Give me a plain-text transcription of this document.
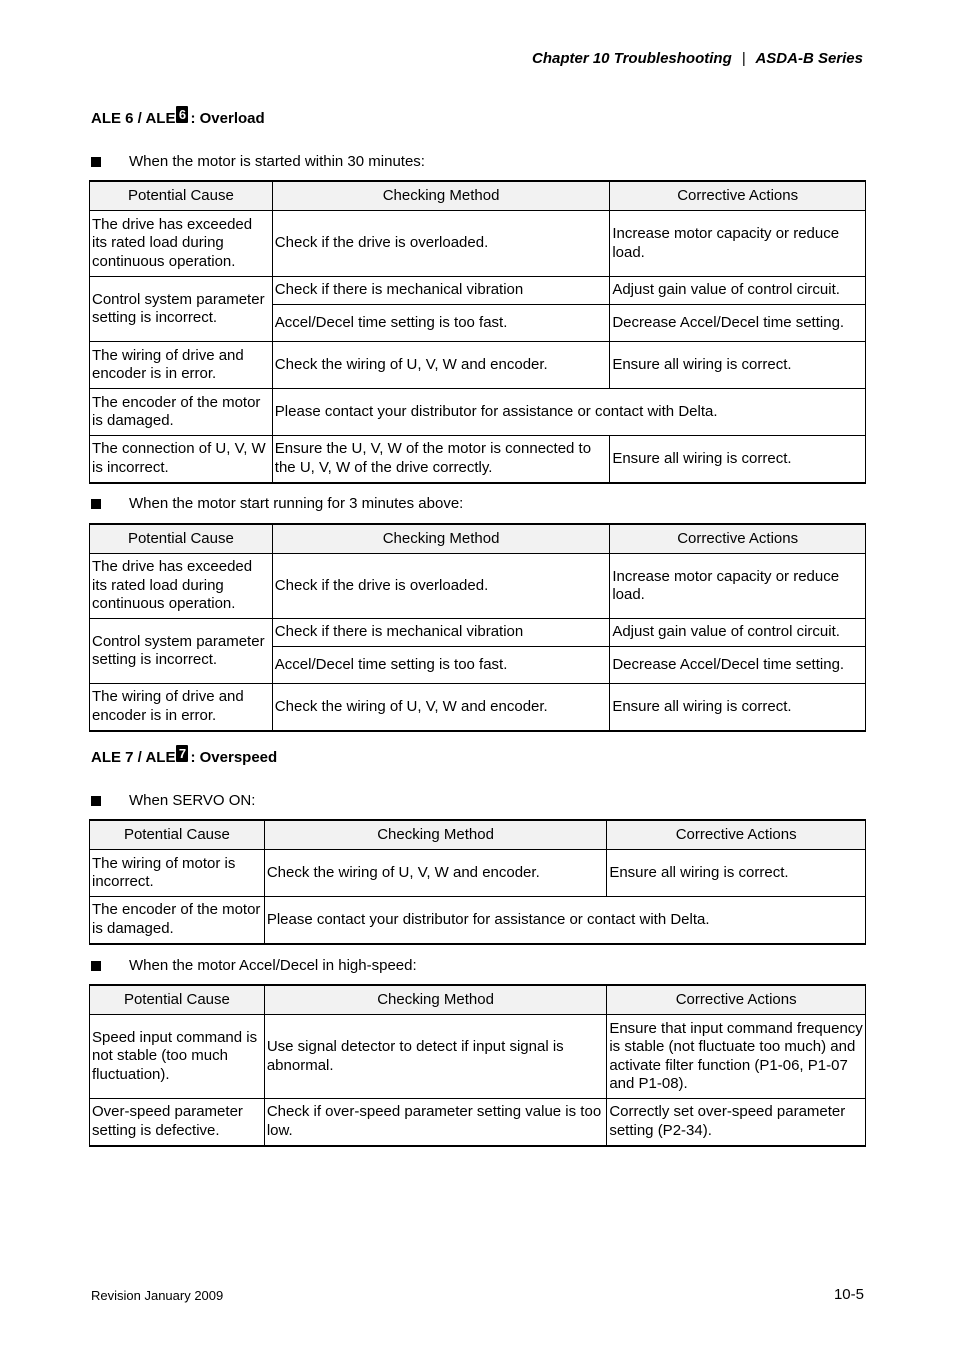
Chapter 10 Troubleshooting | ASDA-B Series
ALE 6 / ALE 6 : Overload
When the motor is started within 30 minutes:
Potential Cause	Checking Method	Corrective Actions
The drive has exceeded its rated load during continuous operation.	Check if the drive is overloaded.	Increase motor capacity or reduce load.
Control system parameter setting is incorrect.	Check if there is mechanical vibration	Adjust gain value of control circuit.
	Accel/Decel time setting is too fast.	Decrease Accel/Decel time setting.
The wiring of drive and encoder is in error.	Check the wiring of U, V, W and encoder.	Ensure all wiring is correct.
The encoder of the motor is damaged.	Please contact your distributor for assistance or contact with Delta.	
The connection of U, V, W is incorrect.	Ensure the U, V, W of the motor is connected to the U, V, W of the drive correctly.	Ensure all wiring is correct.
When the motor start running for 3 minutes above:
Potential Cause	Checking Method	Corrective Actions
The drive has exceeded its rated load during continuous operation.	Check if the drive is overloaded.	Increase motor capacity or reduce load.
Control system parameter setting is incorrect.	Check if there is mechanical vibration	Adjust gain value of control circuit.
	Accel/Decel time setting is too fast.	Decrease Accel/Decel time setting.
The wiring of drive and encoder is in error.	Check the wiring of U, V, W and encoder.	Ensure all wiring is correct.
ALE 7 / ALE 7 : Overspeed
When SERVO ON:
Potential Cause	Checking Method	Corrective Actions
The wiring of motor is incorrect.	Check the wiring of U, V, W and encoder.	Ensure all wiring is correct.
The encoder of the motor is damaged.	Please contact your distributor for assistance or contact with Delta.	
When the motor Accel/Decel in high-speed:
Potential Cause	Checking Method	Corrective Actions
Speed input command is not stable (too much fluctuation).	Use signal detector to detect if input signal is abnormal.	Ensure that input command frequency is stable (not fluctuate too much) and activate filter function (P1-06, P1-07 and P1-08).
Over-speed parameter setting is defective.	Check if over-speed parameter setting value is too low.	Correctly set over-speed parameter setting (P2-34).
Revision January 2009	10-5
